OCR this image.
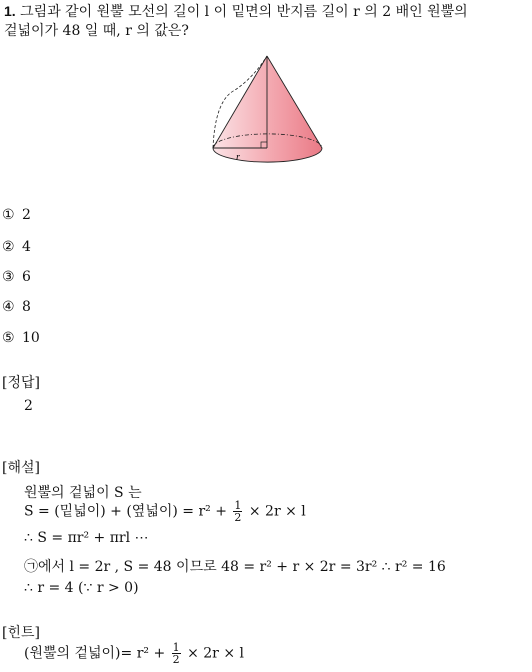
1. 그림과 같이 원뿔 모선의 길이 l 이 밑면의 반지름 길이 r 의 2 배인 원뿔의
겉넓이가 48 일 때, r 의 값은?
r
① 2
② 4
③ 6
④ 8
⑤ 10
[정답]
2
[해설]
원뿔의 겉넓이 S 는
S = (밑넓이) + (옆넓이) = $r^2 + \frac{1}{2} \times 2r \times l$
∴ S = πr² + πrl ⋯
㉠에서 l = 2r , S = 48 이므로 48 = r² + r × 2r = 3r² ∴ r² = 16
∴ r = 4 (∵ r > 0)
[힌트]
(원뿔의 겉넓이)= $r^2 + \frac{1}{2} \times 2r \times l$
